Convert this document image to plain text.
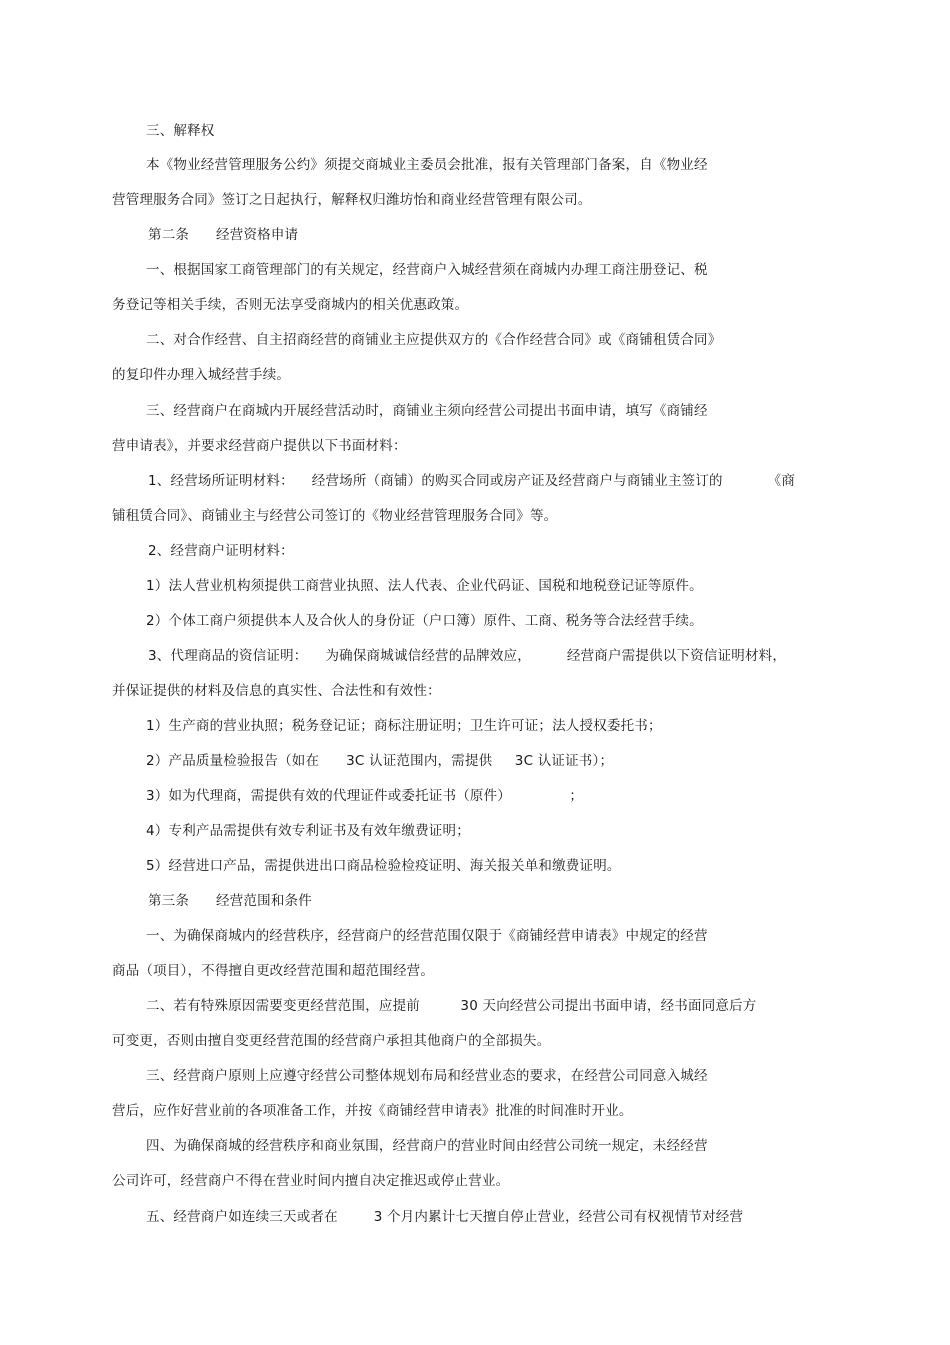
三、解释权
本《物业经营管理服务公约》须提交商城业主委员会批准，报有关管理部门备案，自《物业经
营管理服务合同》签订之日起执行，解释权归潍坊怡和商业经营管理有限公司。
第二条      经营资格申请
一、根据国家工商管理部门的有关规定，经营商户入城经营须在商城内办理工商注册登记、税
务登记等相关手续，否则无法享受商城内的相关优惠政策。
二、对合作经营、自主招商经营的商铺业主应提供双方的《合作经营合同》或《商铺租赁合同》
的复印件办理入城经营手续。
三、经营商户在商城内开展经营活动时，商铺业主须向经营公司提出书面申请，填写《商铺经
营申请表》，并要求经营商户提供以下书面材料：
1、经营场所证明材料：    经营场所（商铺）的购买合同或房产证及经营商户与商铺业主签订的          《商
铺租赁合同》、商铺业主与经营公司签订的《物业经营管理服务合同》等。
2、经营商户证明材料：
1）法人营业机构须提供工商营业执照、法人代表、企业代码证、国税和地税登记证等原件。
2）个体工商户须提供本人及合伙人的身份证（户口簿）原件、工商、税务等合法经营手续。
3、代理商品的资信证明：    为确保商城诚信经营的品牌效应，        经营商户需提供以下资信证明材料，
并保证提供的材料及信息的真实性、合法性和有效性：
1）生产商的营业执照；税务登记证；商标注册证明；卫生许可证；法人授权委托书；
2）产品质量检验报告（如在      3C 认证范围内，需提供     3C 认证证书）；
3）如为代理商，需提供有效的代理证件或委托证书（原件）             ；
4）专利产品需提供有效专利证书及有效年缴费证明；
5）经营进口产品，需提供进出口商品检验检疫证明、海关报关单和缴费证明。
第三条      经营范围和条件
一、为确保商城内的经营秩序，经营商户的经营范围仅限于《商铺经营申请表》中规定的经营
商品（项目），不得擅自更改经营范围和超范围经营。
二、若有特殊原因需要变更经营范围，应提前         30 天向经营公司提出书面申请，经书面同意后方
可变更，否则由擅自变更经营范围的经营商户承担其他商户的全部损失。
三、经营商户原则上应遵守经营公司整体规划布局和经营业态的要求，在经营公司同意入城经
营后，应作好营业前的各项准备工作，并按《商铺经营申请表》批准的时间准时开业。
四、为确保商城的经营秩序和商业氛围，经营商户的营业时间由经营公司统一规定，未经经营
公司许可，经营商户不得在营业时间内擅自决定推迟或停止营业。
五、经营商户如连续三天或者在        3 个月内累计七天擅自停止营业，经营公司有权视情节对经营
